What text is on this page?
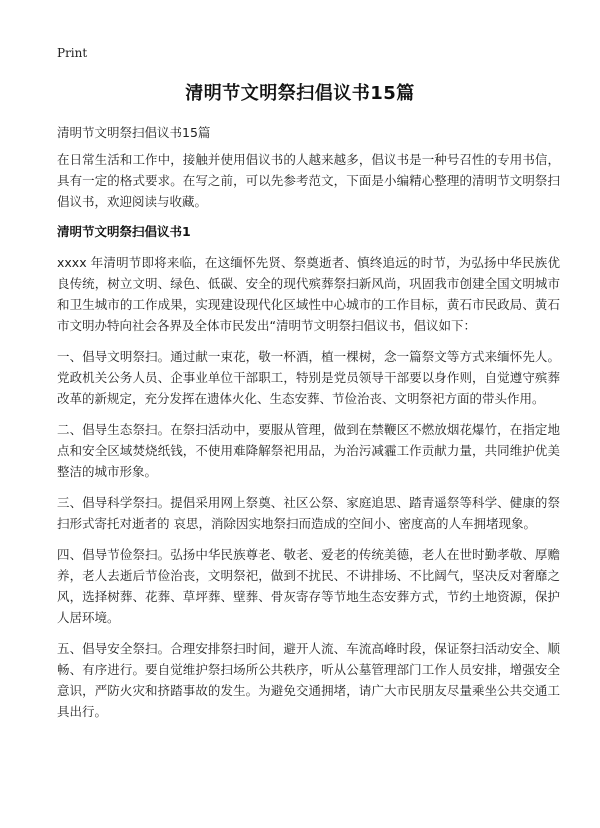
Print
清明节文明祭扫倡议书15篇
清明节文明祭扫倡议书15篇

在日常生活和工作中，接触并使用倡议书的人越来越多，倡议书是一种号召性的专用书信，具有一定的格式要求。在写之前，可以先参考范文，下面是小编精心整理的清明节文明祭扫倡议书，欢迎阅读与收藏。

清明节文明祭扫倡议书1

xxxx 年清明节即将来临，在这缅怀先贤、祭奠逝者、慎终追远的时节，为弘扬中华民族优良传统，树立文明、绿色、低碳、安全的现代殡葬祭扫新风尚，巩固我市创建全国文明城市和卫生城市的工作成果，实现建设现代化区域性中心城市的工作目标，黄石市民政局、黄石市文明办特向社会各界及全体市民发出“清明节文明祭扫倡议书，倡议如下：

一、倡导文明祭扫。通过献一束花，敬一杯酒，植一棵树，念一篇祭文等方式来缅怀先人。党政机关公务人员、企事业单位干部职工，特别是党员领导干部要以身作则，自觉遵守殡葬改革的新规定，充分发挥在遗体火化、生态安葬、节俭治丧、文明祭祀方面的带头作用。

二、倡导生态祭扫。在祭扫活动中，要服从管理，做到在禁鞭区不燃放烟花爆竹，在指定地点和安全区域焚烧纸钱，不使用难降解祭祀用品，为治污减霾工作贡献力量，共同维护优美整洁的城市形象。

三、倡导科学祭扫。提倡采用网上祭奠、社区公祭、家庭追思、踏青遥祭等科学、健康的祭扫形式寄托对逝者的 哀思，消除因实地祭扫而造成的空间小、密度高的人车拥堵现象。

四、倡导节俭祭扫。弘扬中华民族尊老、敬老、爱老的传统美德，老人在世时勤孝敬、厚赡养，老人去逝后节俭治丧，文明祭祀，做到不扰民、不讲排场、不比阔气，坚决反对奢靡之风，选择树葬、花葬、草坪葬、壁葬、骨灰寄存等节地生态安葬方式，节约土地资源，保护人居环境。

五、倡导安全祭扫。合理安排祭扫时间，避开人流、车流高峰时段，保证祭扫活动安全、顺畅、有序进行。要自觉维护祭扫场所公共秩序，听从公墓管理部门工作人员安排，增强安全意识，严防火灾和挤踏事故的发生。为避免交通拥堵，请广大市民朋友尽量乘坐公共交通工具出行。
